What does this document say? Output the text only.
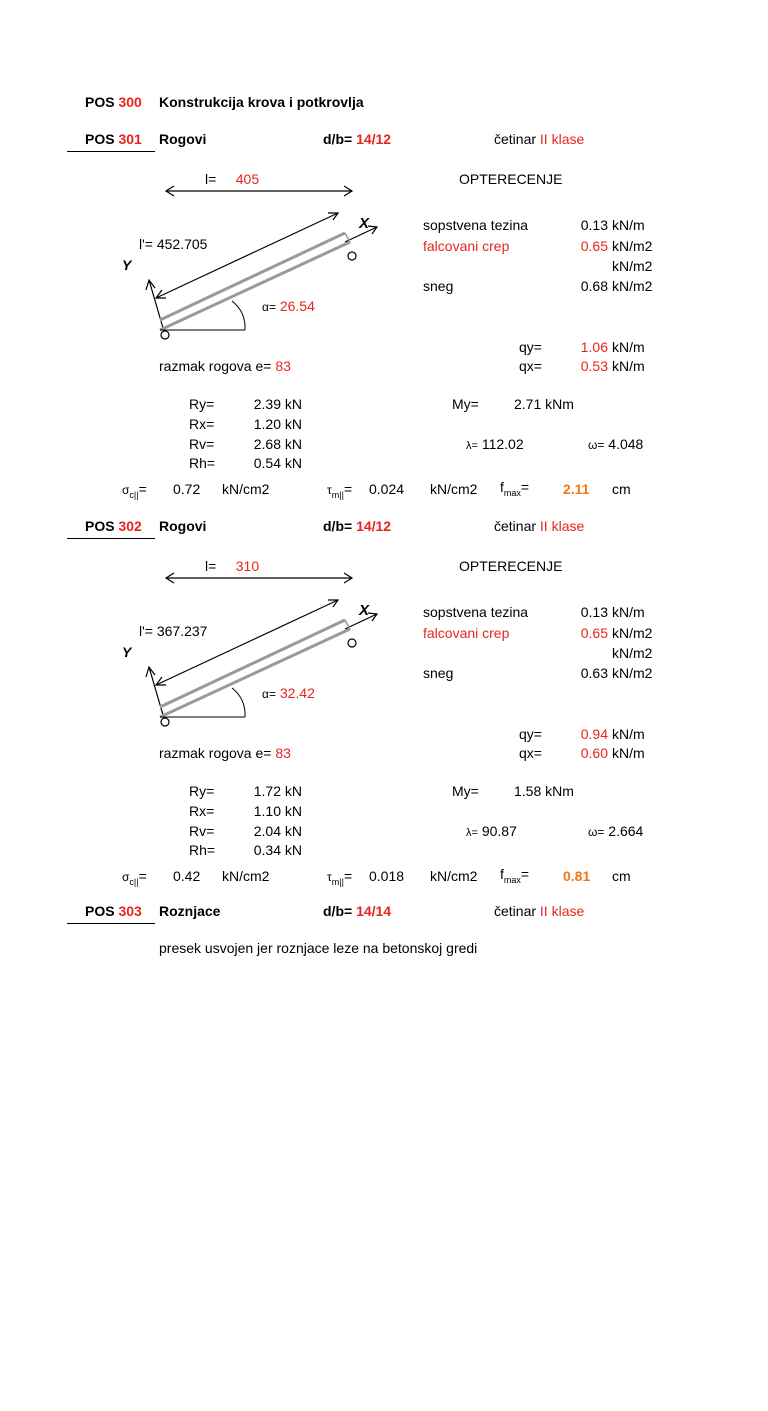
POS 300 Konstrukcija krova i potkrovlja
POS 301 Rogovi	d/b= 14/12	četinar II klase
l= 405
l'= 452.705
Y
X
α= 26.54
OPTERECENJE
sopstvena tezina	0.13 kN/m
falcovani crep	0.65 kN/m2
kN/m2
sneg	0.68 kN/m2
qy=	1.06 kN/m
qx=	0.53 kN/m
razmak rogova e= 83
Ry=	2.39 kN
Rx=	1.20 kN
Rv=	2.68 kN
Rh=	0.54 kN
My=	2.71 kNm
λ= 112.02	ω= 4.048
$\sigma_{c||}= 0.72$ kN/cm2	$\tau_{m||}= 0.024$ kN/cm2 $f_{max}= 2.11$ cm
POS 302 Rogovi	d/b= 14/12	četinar II klase
l= 310
l'= 367.237
Y
X
α= 32.42
OPTERECENJE
sopstvena tezina	0.13 kN/m
falcovani crep	0.65 kN/m2
kN/m2
sneg	0.63 kN/m2
qy=	0.94 kN/m
qx=	0.60 kN/m
razmak rogova e= 83
Ry=	1.72 kN
Rx=	1.10 kN
Rv=	2.04 kN
Rh=	0.34 kN
My=	1.58 kNm
λ= 90.87	ω= 2.664
$\sigma_{c||}= 0.42$ kN/cm2	$\tau_{m||}= 0.018$ kN/cm2 $f_{max}= 0.81$ cm
POS 303 Roznjace	d/b= 14/14	četinar II klase
presek usvojen jer roznjace leze na betonskoj gredi
